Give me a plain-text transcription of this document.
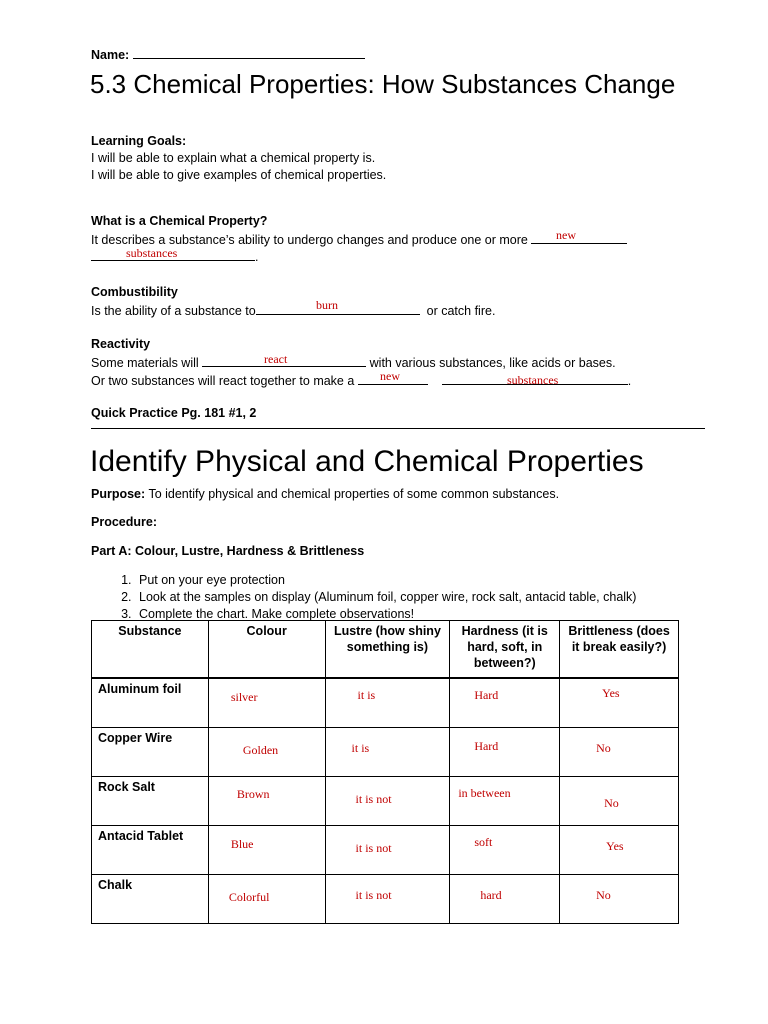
Name:
5.3 Chemical Properties: How Substances Change
Learning Goals:
I will be able to explain what a chemical property is.
I will be able to give examples of chemical properties.
What is a Chemical Property?
It describes a substance’s ability to undergo changes and produce one or more	new
.
substances
Combustibility
Is the ability of a substance to	or catch fire.
burn
Reactivity
Some materials will	with various substances, like acids or bases.
react
Or two substances will react together to make a	.
new	substances
Quick Practice Pg. 181 #1, 2
Identify Physical and Chemical Properties
Purpose: To identify physical and chemical properties of some common substances.
Procedure:
Part A: Colour, Lustre, Hardness & Brittleness
1. Put on your eye protection
2. Look at the samples on display (Aluminum foil, copper wire, rock salt, antacid table, chalk)
3. Complete the chart. Make complete observations!
Substance	Colour	Lustre (how shiny something is)	Hardness (it is hard, soft, in between?)	Brittleness (does it break easily?)
Aluminum foil	silver	it is	Hard	Yes

Copper Wire	Golden	it is	Hard	No

Rock Salt	Brown	it is not	in between	No

Antacid Tablet	Blue	it is not	soft	Yes

Chalk	Colorful	it is not	hard	No
